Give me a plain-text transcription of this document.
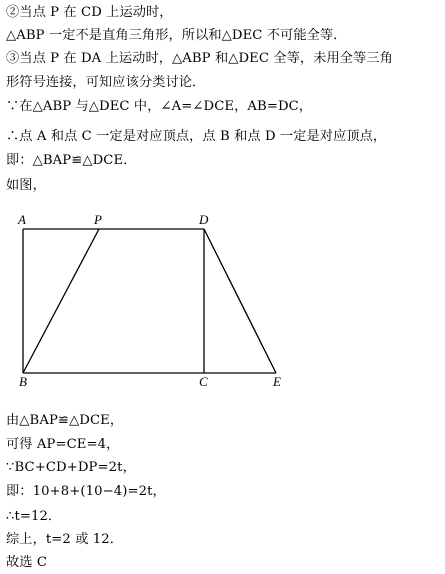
②当点 P 在 CD 上运动时，
△ABP 一定不是直角三角形，所以和△DEC 不可能全等．
③当点 P 在 DA 上运动时，△ABP 和△DEC 全等，未用全等三角
形符号连接，可知应该分类讨论．
∵在△ABP 与△DEC 中，∠A=∠DCE，AB=DC，
∴点 A 和点 C 一定是对应顶点，点 B 和点 D 一定是对应顶点，
即：△BAP≌△DCE．
如图，
A	P	D
B	C	E
由△BAP≌△DCE，
可得 AP=CE=4，
∵BC+CD+DP=2t，
即：10+8+(10−4)=2t，
∴t=12．
综上，t=2 或 12．
故选 C
